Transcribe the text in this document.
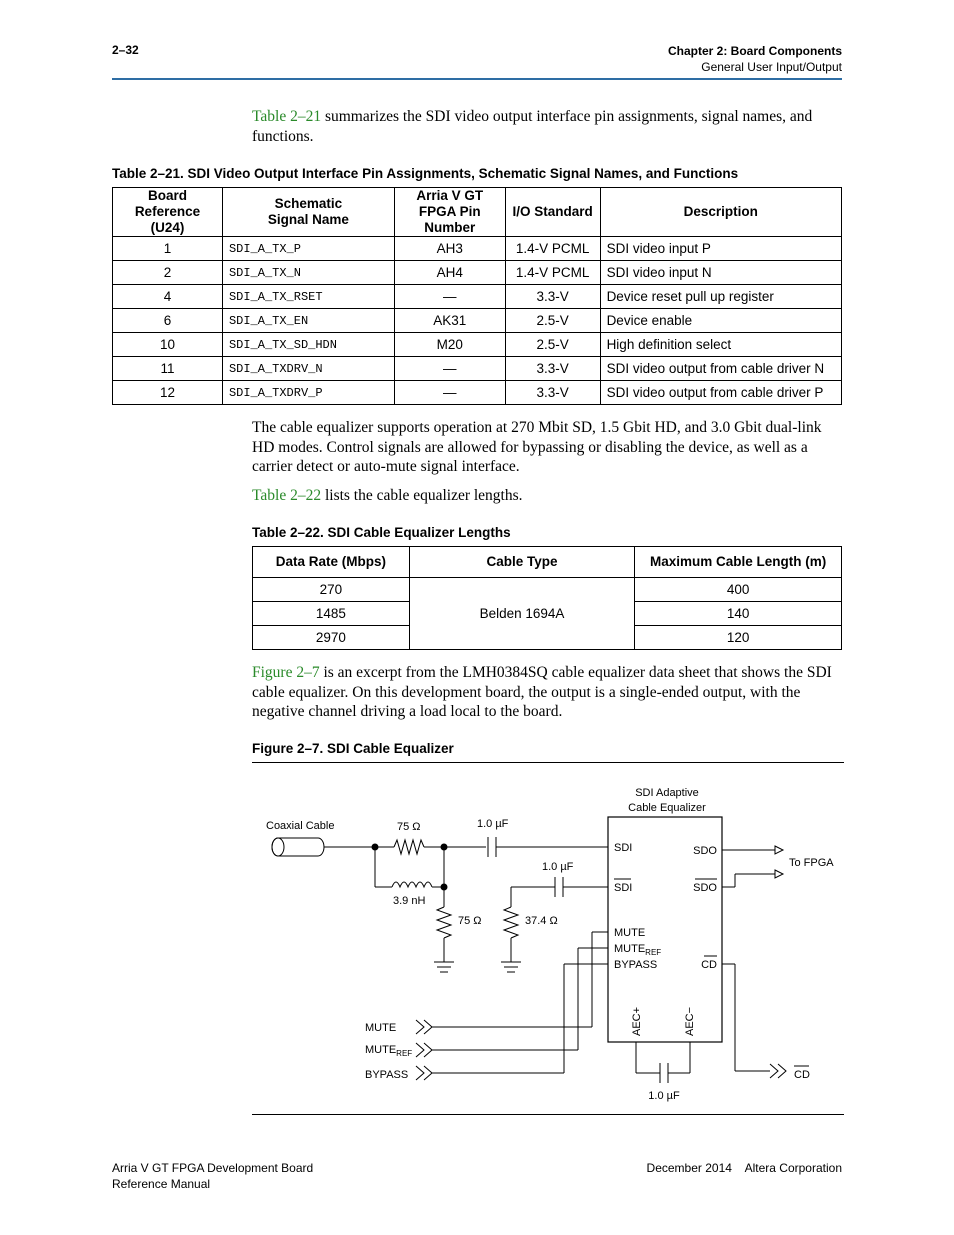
2–32	Chapter 2: Board Components
General User Input/Output
Table 2–21 summarizes the SDI video output interface pin assignments, signal names, and functions.
Table 2–21. SDI Video Output Interface Pin Assignments, Schematic Signal Names, and Functions
Board Reference (U24)	Schematic Signal Name	Arria V GT FPGA Pin Number	I/O Standard	Description
1	SDI_A_TX_P	AH3	1.4-V PCML	SDI video input P
2	SDI_A_TX_N	AH4	1.4-V PCML	SDI video input N
4	SDI_A_TX_RSET	—	3.3-V	Device reset pull up register
6	SDI_A_TX_EN	AK31	2.5-V	Device enable
10	SDI_A_TX_SD_HDN	M20	2.5-V	High definition select
11	SDI_A_TXDRV_N	—	3.3-V	SDI video output from cable driver N
12	SDI_A_TXDRV_P	—	3.3-V	SDI video output from cable driver P
The cable equalizer supports operation at 270 Mbit SD, 1.5 Gbit HD, and 3.0 Gbit dual-link HD modes. Control signals are allowed for bypassing or disabling the device, as well as a carrier detect or auto-mute signal interface.
Table 2–22 lists the cable equalizer lengths.
Table 2–22. SDI Cable Equalizer Lengths
Data Rate (Mbps)	Cable Type	Maximum Cable Length (m)
270	Belden 1694A	400
1485		140
2970		120
Figure 2–7 is an excerpt from the LMH0384SQ cable equalizer data sheet that shows the SDI cable equalizer. On this development board, the output is a single-ended output, with the negative channel driving a load local to the board.
Figure 2–7. SDI Cable Equalizer
SDI Adaptive
Cable Equalizer
SDI
SDI
SDO
SDO
MUTE
$MUTE_{REF}$
BYPASS	CD
AEC+	AEC−
Coaxial Cable	75 Ω	1.0 µF
3.9 nH
75 Ω
1.0 µF
37.4 Ω
To FPGA
MUTE
$MUTE_{REF}$
BYPASS	CD
1.0 µF
Arria V GT FPGA Development Board
Reference Manual
December 2014    Altera Corporation
